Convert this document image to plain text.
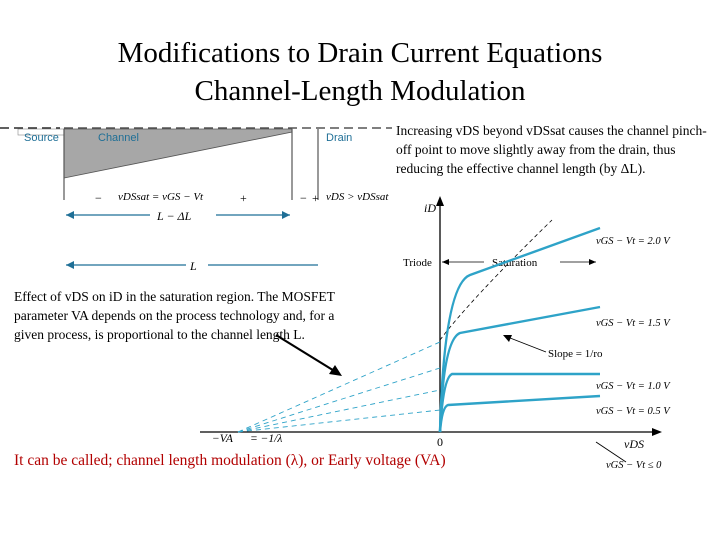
Modifications to Drain Current Equations
Channel-Length Modulation
Source	Channel	Drain
− vDSsat = vGS − Vt	+	− + vDS > vDSsat
L − ΔL
L
iD
vDS
0
Triode	Saturation
vGS − Vt = 2.0 V
vGS − Vt = 1.5 V
vGS − Vt = 1.0 V
vGS − Vt = 0.5 V
vGS − Vt ≤ 0
Slope = 1/ro
−VA = −1/λ
Increasing vDS beyond vDSsat causes the channel pinch-off point to move slightly away from the drain, thus reducing the effective channel length (by ΔL).
Effect of vDS on iD in the saturation region. The MOSFET parameter VA depends on the process technology and, for a given process, is proportional to the channel length L.
It can be called; channel length modulation (λ), or Early voltage (VA)
